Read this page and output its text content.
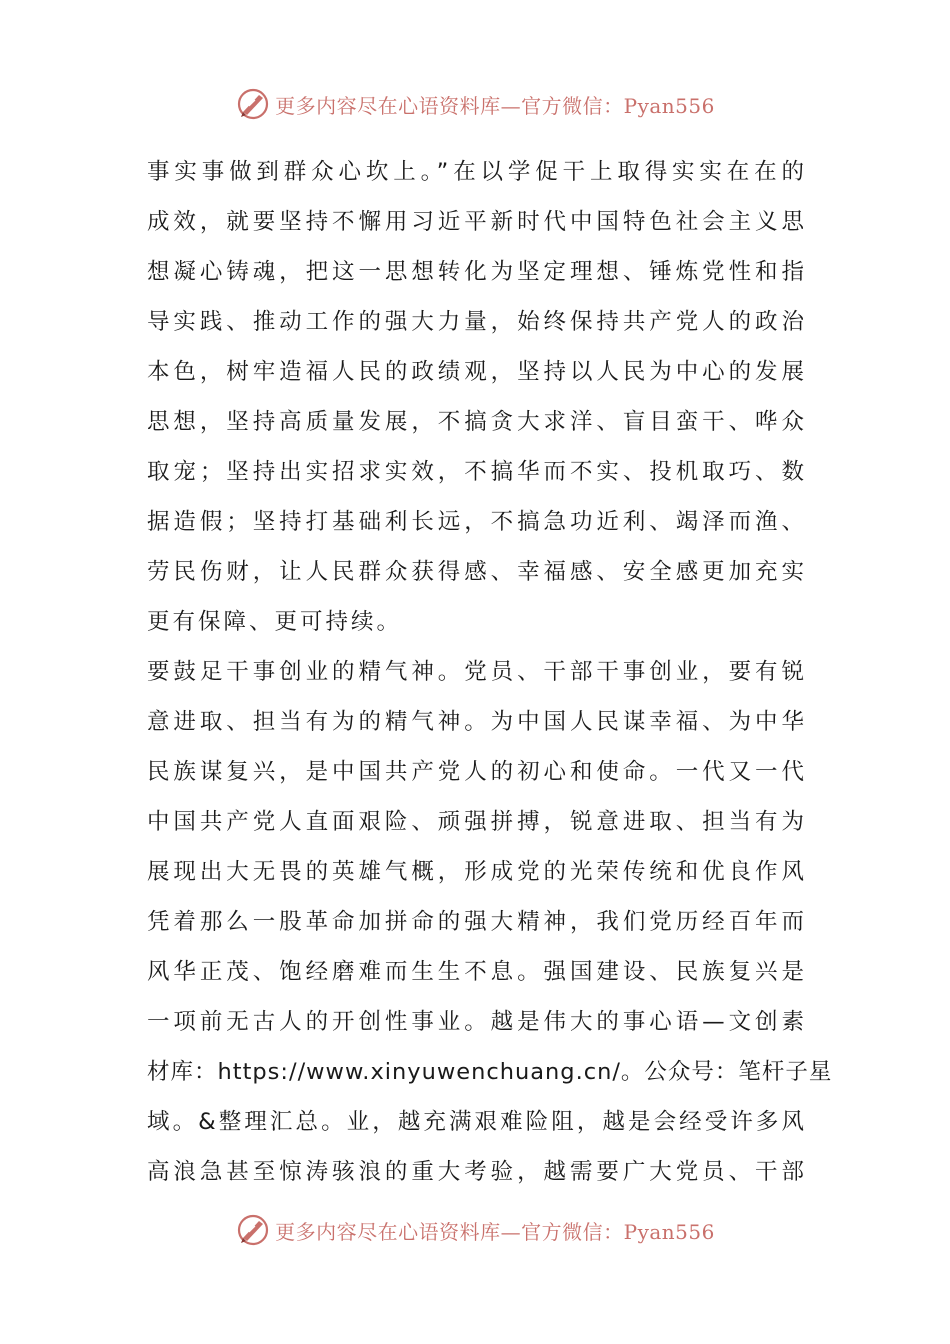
更多内容尽在心语资料库—官方微信：Pyan556
事实事做到群众心坎上。”在以学促干上取得实实在在的
成效，就要坚持不懈用习近平新时代中国特色社会主义思
想凝心铸魂，把这一思想转化为坚定理想、锤炼党性和指
导实践、推动工作的强大力量，始终保持共产党人的政治
本色，树牢造福人民的政绩观，坚持以人民为中心的发展
思想，坚持高质量发展，不搞贪大求洋、盲目蛮干、哗众
取宠；坚持出实招求实效，不搞华而不实、投机取巧、数
据造假；坚持打基础利长远，不搞急功近利、竭泽而渔、
劳民伤财，让人民群众获得感、幸福感、安全感更加充实
更有保障、更可持续。
要鼓足干事创业的精气神。党员、干部干事创业，要有锐
意进取、担当有为的精气神。为中国人民谋幸福、为中华
民族谋复兴，是中国共产党人的初心和使命。一代又一代
中国共产党人直面艰险、顽强拼搏，锐意进取、担当有为
展现出大无畏的英雄气概，形成党的光荣传统和优良作风
凭着那么一股革命加拼命的强大精神，我们党历经百年而
风华正茂、饱经磨难而生生不息。强国建设、民族复兴是
一项前无古人的开创性事业。越是伟大的事心语—文创素
材库：https://www.xinyuwenchuang.cn/。公众号：笔杆子星
域。&整理汇总。业，越充满艰难险阻，越是会经受许多风
高浪急甚至惊涛骇浪的重大考验，越需要广大党员、干部
更多内容尽在心语资料库—官方微信：Pyan556
